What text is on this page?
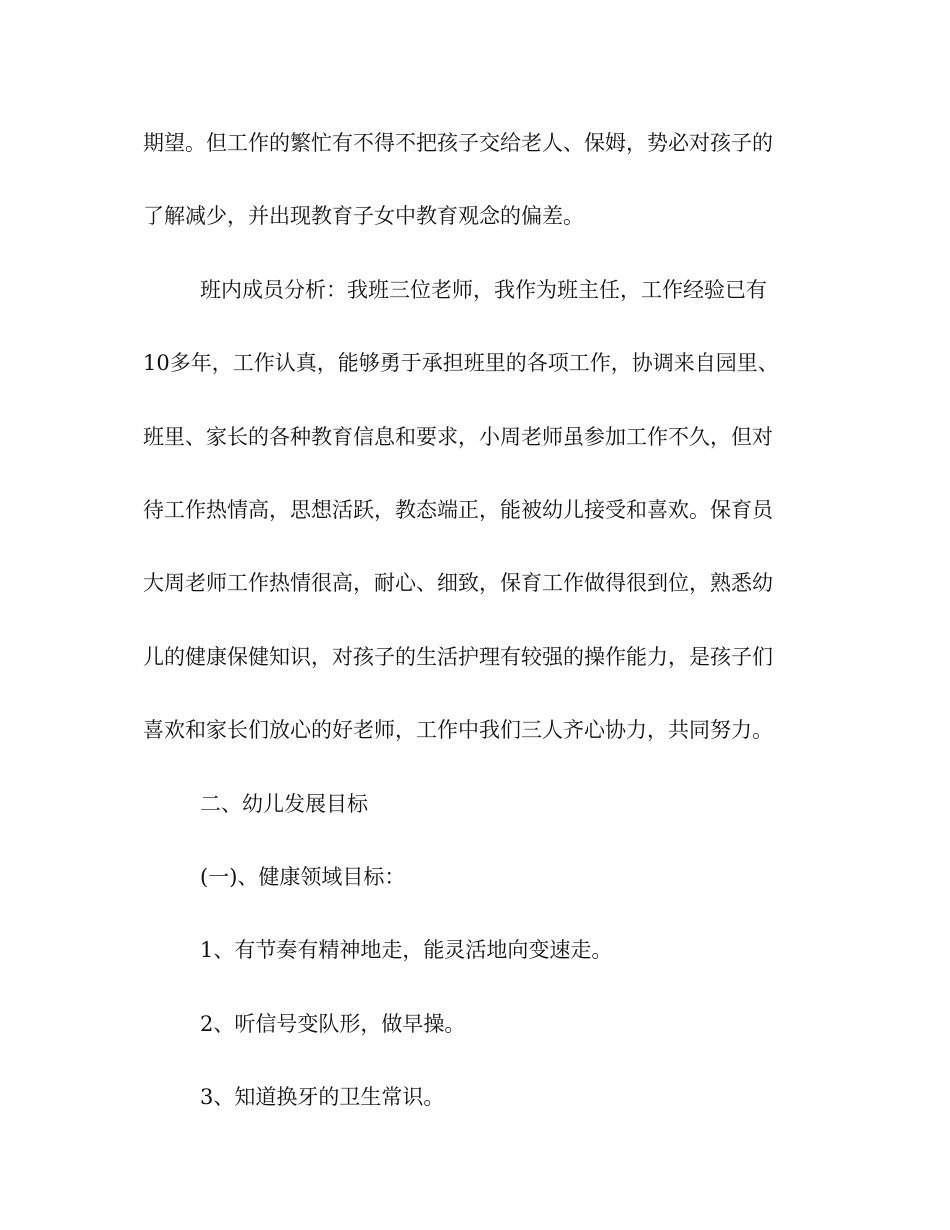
期望。但工作的繁忙有不得不把孩子交给老人、保姆，势必对孩子的
了解减少，并出现教育子女中教育观念的偏差。
班内成员分析：我班三位老师，我作为班主任，工作经验已有
10多年，工作认真，能够勇于承担班里的各项工作，协调来自园里、
班里、家长的各种教育信息和要求，小周老师虽参加工作不久，但对
待工作热情高，思想活跃，教态端正，能被幼儿接受和喜欢。保育员
大周老师工作热情很高，耐心、细致，保育工作做得很到位，熟悉幼
儿的健康保健知识，对孩子的生活护理有较强的操作能力，是孩子们
喜欢和家长们放心的好老师，工作中我们三人齐心协力，共同努力。
二、幼儿发展目标
(一)、健康领域目标：
1、有节奏有精神地走，能灵活地向变速走。
2、听信号变队形，做早操。
3、知道换牙的卫生常识。
